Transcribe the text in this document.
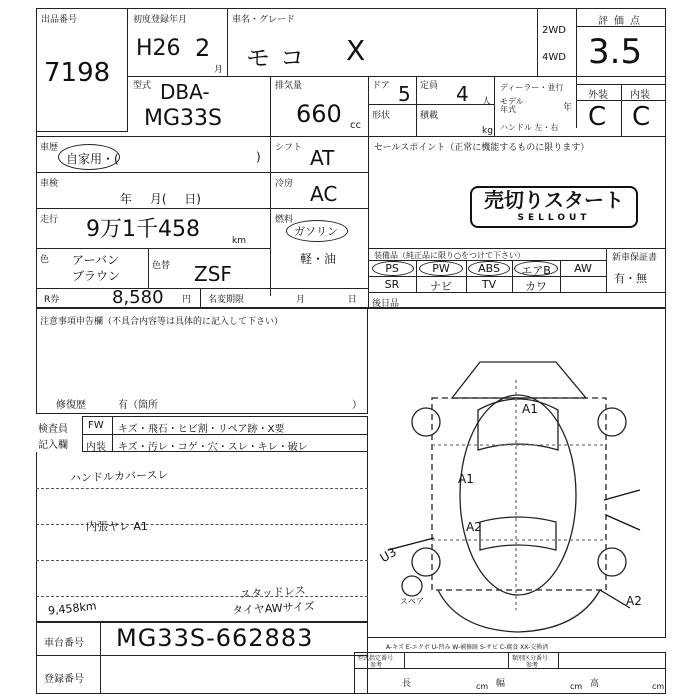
出品番号
7198
初度登録年月
H26 2
月
車名・グレード
モコ X
2WD
4WD
評価点
3.5
型式 DBA-
MG33S
排気量
660 cc
ドア 5 定員 4 人
形状	積載
kg
ディーラー・並行
モデル年式	年
ハンドル 左・右
外装 内装
C C
車歴
自家用・(	)
シフト AT
車検
年 月( 日)
冷房 AC
走行 9万1千458	km
燃料
ガソリン
軽・油
色 アーバン ブラウン
色替 ZSF
R券	8,580 円 名変期限	月 日
セールスポイント（正常に機能するものに限ります）
売切りスタート
SELLOUT
装備品（純正品に限り○をつけて下さい）	新車保証書
有・無
PS	PW	ABS	エアB	AW
SR	ナビ	TV	カワ
後日品
注意事項申告欄（不具合内容等は具体的に記入して下さい）
修復歴	有（箇所	）
検査員
記入欄
FW キズ・飛石・ヒビ割・リペア跡・X要
内装 キズ・汚レ・コゲ・穴・スレ・キレ・破レ
ハンドルカバースレ
内張ヤレ A1
スタッドレス
9,458km	タイヤAWサイズ
A1
A1
A2
U3
A2
スペア
A-キズ E-エクボ U-凹み W-補修跡 S-サビ C-腐食 XX-交換済
車台番号 MG33S-662883
登録番号
型式指定番号
参考
類別区分番号
参考
長	cm 幅	cm 高	cm
